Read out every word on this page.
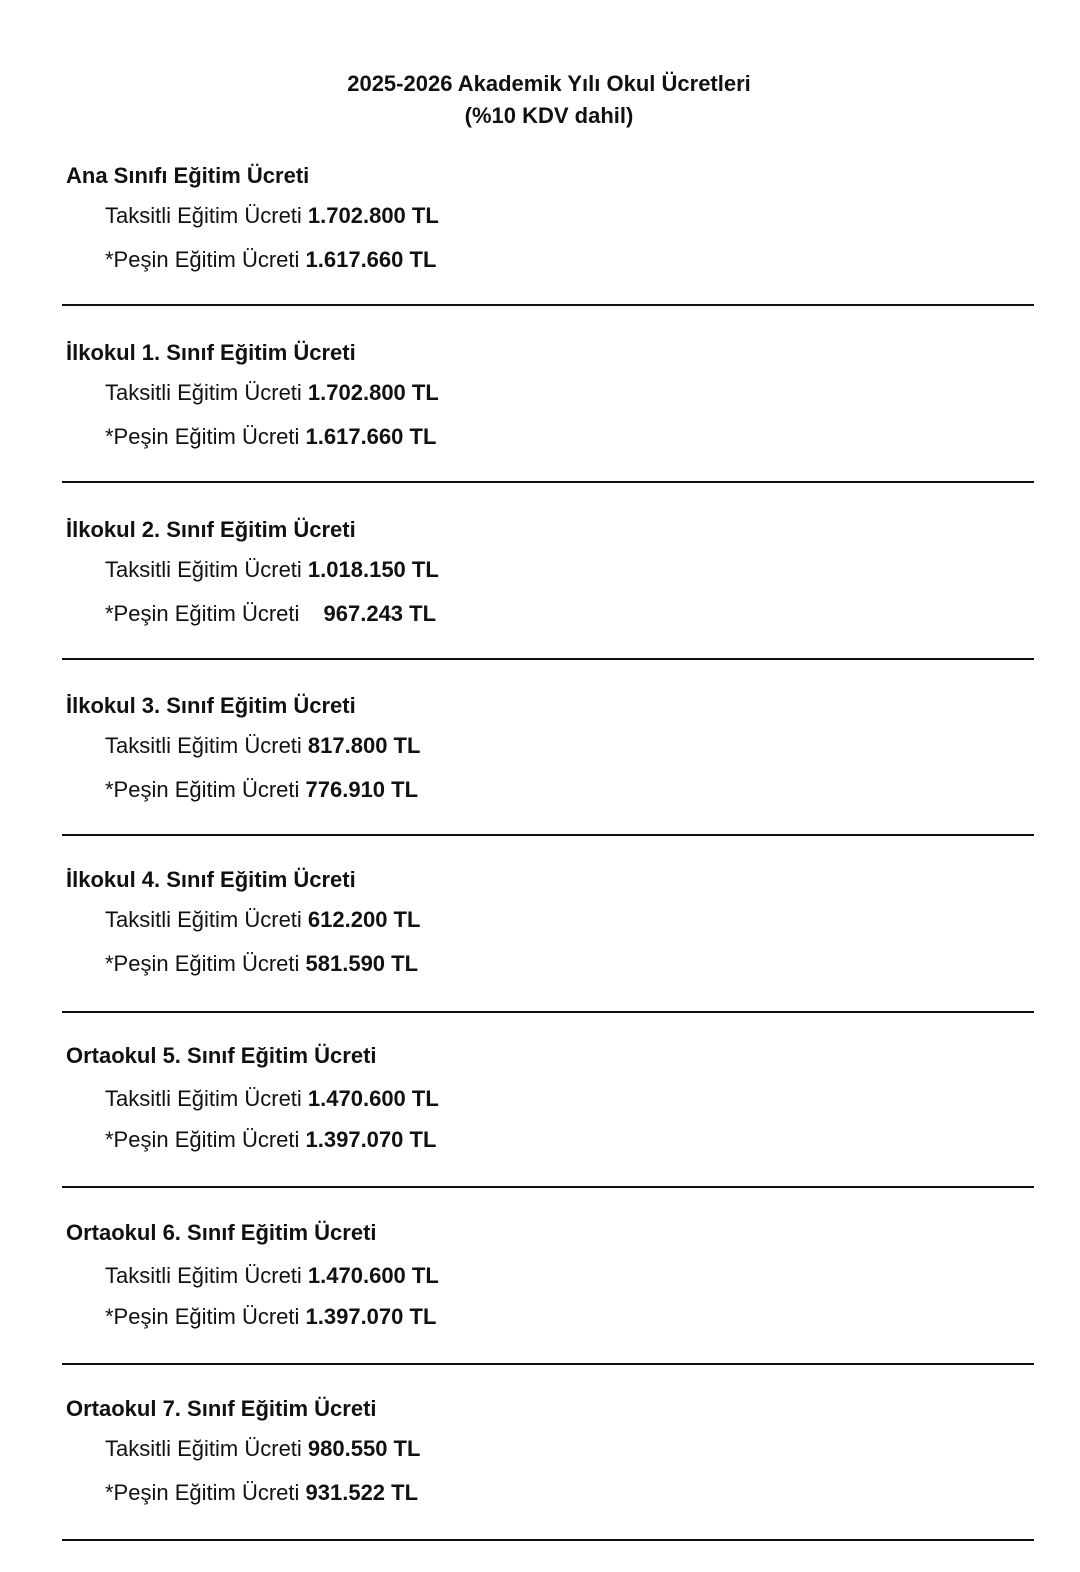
2025-2026 Akademik Yılı Okul Ücretleri
(%10 KDV dahil)
Ana Sınıfı Eğitim Ücreti
Taksitli Eğitim Ücreti 1.702.800 TL
*Peşin Eğitim Ücreti 1.617.660 TL
İlkokul 1. Sınıf Eğitim Ücreti
Taksitli Eğitim Ücreti 1.702.800 TL
*Peşin Eğitim Ücreti 1.617.660 TL
İlkokul 2. Sınıf Eğitim Ücreti
Taksitli Eğitim Ücreti 1.018.150 TL
*Peşin Eğitim Ücreti 967.243 TL
İlkokul 3. Sınıf Eğitim Ücreti
Taksitli Eğitim Ücreti 817.800 TL
*Peşin Eğitim Ücreti 776.910 TL
İlkokul 4. Sınıf Eğitim Ücreti
Taksitli Eğitim Ücreti 612.200 TL
*Peşin Eğitim Ücreti 581.590 TL
Ortaokul 5. Sınıf Eğitim Ücreti
Taksitli Eğitim Ücreti 1.470.600 TL
*Peşin Eğitim Ücreti 1.397.070 TL
Ortaokul 6. Sınıf Eğitim Ücreti
Taksitli Eğitim Ücreti 1.470.600 TL
*Peşin Eğitim Ücreti 1.397.070 TL
Ortaokul 7. Sınıf Eğitim Ücreti
Taksitli Eğitim Ücreti 980.550 TL
*Peşin Eğitim Ücreti 931.522 TL
